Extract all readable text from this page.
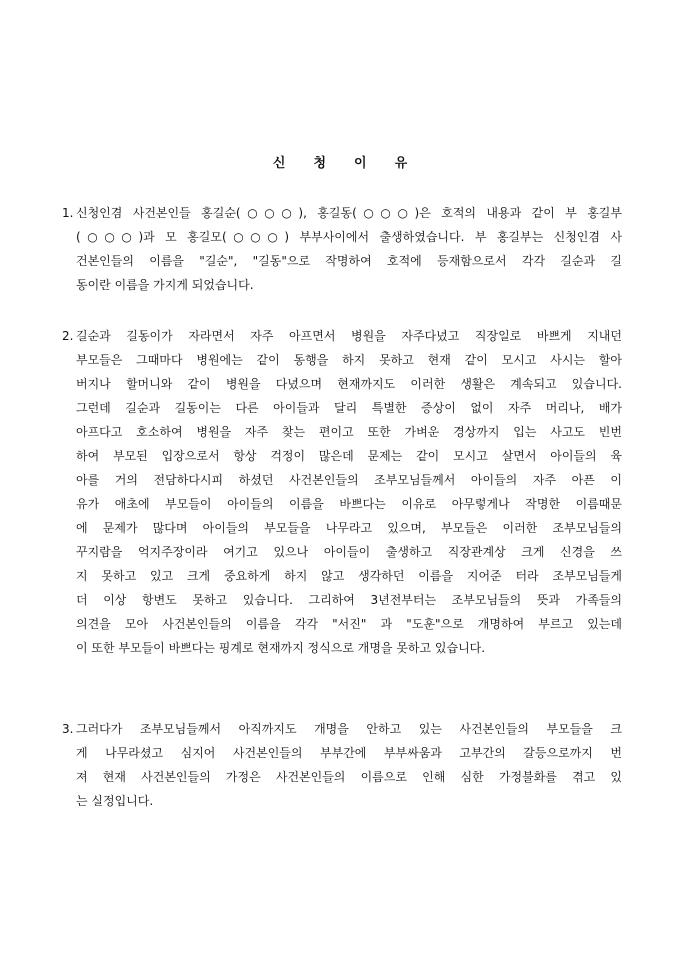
신 청 이 유
1. 신청인겸 사건본인들 홍길순(○○○), 홍길동(○○○)은 호적의 내용과 같이 부 홍길부
(○○○)과 모 홍길모(○○○) 부부사이에서 출생하였습니다. 부 홍길부는 신청인겸 사
건본인들의 이름을 "길순", "길동"으로 작명하여 호적에 등재함으로서 각각 길순과 길
동이란 이름을 가지게 되었습니다.
2. 길순과 길동이가 자라면서 자주 아프면서 병원을 자주다녔고 직장일로 바쁘게 지내던
부모들은 그때마다 병원에는 같이 동행을 하지 못하고 현재 같이 모시고 사시는 할아
버지나 할머니와 같이 병원을 다녔으며 현재까지도 이러한 생활은 계속되고 있습니다.
그런데 길순과 길동이는 다른 아이들과 달리 특별한 증상이 없이 자주 머리나, 배가
아프다고 호소하여 병원을 자주 찾는 편이고 또한 가벼운 경상까지 입는 사고도 빈번
하여 부모된 입장으로서 항상 걱정이 많은데 문제는 같이 모시고 살면서 아이들의 육
아를 거의 전담하다시피 하셨던 사건본인들의 조부모님들께서 아이들의 자주 아픈 이
유가 애초에 부모들이 아이들의 이름을 바쁘다는 이유로 아무렇게나 작명한 이름때문
에 문제가 많다며 아이들의 부모들을 나무라고 있으며, 부모들은 이러한 조부모님들의
꾸지람을 억지주장이라 여기고 있으나 아이들이 출생하고 직장관계상 크게 신경을 쓰
지 못하고 있고 크게 중요하게 하지 않고 생각하던 이름을 지어준 터라 조부모님들게
더 이상 항변도 못하고 있습니다. 그리하여 3년전부터는 조부모님들의 뜻과 가족들의
의견을 모아 사건본인들의 이름을 각각 "서진" 과 "도훈"으로 개명하여 부르고 있는데
이 또한 부모들이 바쁘다는 핑계로 현재까지 정식으로 개명을 못하고 있습니다.
3. 그러다가 조부모님들께서 아직까지도 개명을 안하고 있는 사건본인들의 부모들을 크
게 나무라셨고 심지어 사건본인들의 부부간에 부부싸움과 고부간의 갈등으로까지 번
져 현재 사건본인들의 가정은 사건본인들의 이름으로 인해 심한 가정불화를 겪고 있
는 실정입니다.
